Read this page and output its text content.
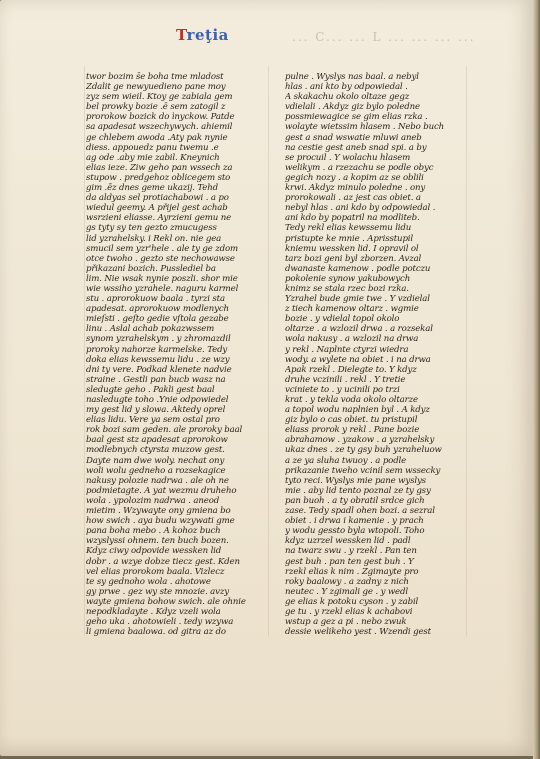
Treţia	... C... ... L ... ... ... ...
twor bozim s̄e boha tme mladost
Zdalit ge newyuedieno pane moy
zyz sem wieil. Ktoy ge zabiala gem
bel prowky bozie .ē sem zatogil z
prorokow bozick do ìnyckow. Patde
sa apadesat wszechywych. ahiemil
ge chlebem awoda .Aty pak nynie
diess. appouedz panu twemu .e
ag ode .aby mie zabil. Kneynich
elias ieze. Ziw geho pan wssech za
stupow . predgehoz oblicegem sto
gim .ē̄z dnes geme ukazij. Tehd
da aldyas sel protiachabowi . a po
wiedul geemy. A přijel gest achab
wsrzieni eliasse. Ayrzieni gemu ne
gs tyty sy ten gezto zmucugess
lid yzrahelsky. i Rekl on. nie gea
smucil sem yzr'hele . ale ty ge zdom
otce twoho . gezto ste nechowawse
přikazani bozich. Pusslediel ba
lim. Nie wsak nynie poszli. shor mie
wie wssiho yzrahele. naguru karmel
stu . aprorokuow baala . tyrzi sta
apadesat. aprorokuow modlenych
mieſsti . geſto gedie vſtola gezabe
linu . Aslal achab pokazwssem
synom yzrahelskym . y zhromazdil
proroky nahorze karmelske. Tedy
doka elias kewssemu lidu . ze wzy
dni ty vere. Podkad klenete nadvie
straine . Gestli pan bucb wasz na
sledugte geho . Pakli gest baal
nasledugte toho .Ynie odpowiedel
my gest lid y slowa. Aktedy oprel
elias lidu. Vere ya sem ostal pro
rok bozi sam geden. ale proroky baal
baal gest stz apadesat aprorokow
modlebnych ctyrsta muzow gest.
Dayte nam dwe woly. nechat ony
woli wolu gedneho a rozsekagice
nakusy polozie nadrwa . ale oh ne
podmietagte. A yat wezmu druheho
wola . ypolozim nadrwa . aneod
mietim . Wzywayte ony gmiena bo
how swich . aya budu wzywati gme
pana boha mebo . A kohoz buch
wzyslyssi ohnem. ten buch bozen.
Kdyz ciwy odpovide wessken lid
dobr . a wzye dobze tiecz gest. Kden
vel elias prorokom baala. Vizlecz
te sy gednoho wola . ahotowe
gy prwe . gez wy ste mnozie. avzy
wayte gmiena bohow swich. ale ohnie
nepodkladayte . Kdyz vzeli wola
geho uka . ahotowieli . tedy wzywa
li gmiena baalowa. od gitra az do
pulne . Wyslys nas baal. a nebyl
hlas . ani kto by odpowiedal .
A skakachu okolo oltaze gegz
vdielali . Akdyz giz bylo poledne
possmiewagice se gim elias rzka .
wolayte wietssim hlasem . Nebo buch
gest a snad wswatie mluwi aneb
na cestie gest aneb snad spi. a by
se procuil . Y wolachu hlasem
welikym . a rzezachu se podle obyc
gegich nozy . a kopim az se oblili
krwi. Akdyz minulo poledne . ony
prorokowali . az jest cas obiet. a
nebyl hlas . ani kdo by odpowiedal .
ani kdo by popatril na modliteb.
Tedy rekl elias kewssemu lidu
pristupte ke mnie . Aprisstupil
kniemu wessken lid. I opravil ol
tarz bozi geni byl zborzen. Avzal
dwanaste kamenow . podle potczu
pokolenie synow yakubowych
knimz se stala rzec bozi rzka.
Yzrahel bude gmie twe . Y vzdielal
z tiech kamenow oltarz . wgmie
bozie . y vdielal topol okolo
oltarze . a wzlozil drwa . a rozsekal
wola nakusy . a wzlozil na drwa
y rekl . Naplnte ctyrzi wiedra
wody. a wylete na obiet . i na drwa
Apak rzekl . Dielegte to. Y kdyz
druhe vczinili . rekl . Y tretie
vciniete to . y ucinili po trzi
krat . y tekla voda okolo oltarze
a topol wodu naplnien byl . A kdyz
giz bylo o cas obiet. tu pristupil
eliass prorok y rekl . Pane bozie
abrahamow . yzakow . a yzrahelsky
ukaz dnes . ze ty gsy buh yzraheluow
a ze ya sluha twuoy . a podle
prikazanie tweho vcinil sem wssecky
tyto reci. Wyslys mie pane wyslys
mie . aby lid tento poznal ze ty gsy
pan buoh . a ty obratil srdce gich
zase. Tedy spadl ohen bozi. a sezral
obiet . i drwa i kamenie . y prach
y wodu gessto byla wtopoli. Toho
kdyz uzrzel wessken lid . padl
na twarz swu . y rzekl . Pan ten
gest buh . pan ten gest buh . Y
rzekl elias k nim . Zgimayte pro
roky baalowy . a zadny z nich
neutec . Y zgimali ge . y wedl
ge elias k potoku cyson . y zabil
ge tu . y rzekl elias k achabovi
wstup a gez a pi . nebo zwuk
dessie welikeho yest . Wzendi gest
